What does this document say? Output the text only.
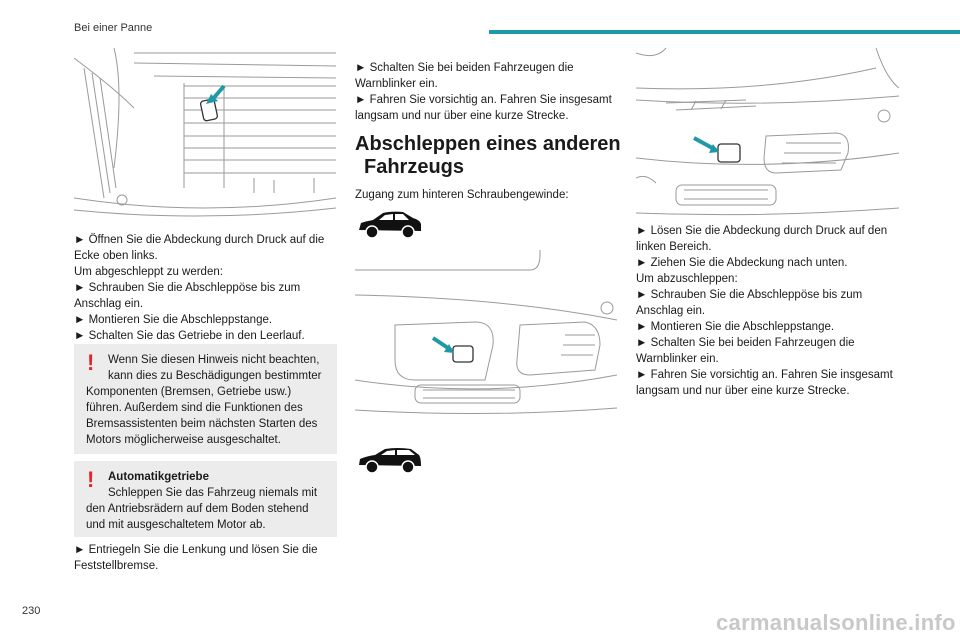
Bei einer Panne

► Öffnen Sie die Abdeckung durch Druck auf die Ecke oben links.

Um abgeschleppt zu werden:

► Schrauben Sie die Abschleppöse bis zum Anschlag ein.

► Montieren Sie die Abschleppstange.

► Schalten Sie das Getriebe in den Leerlauf.

!	Wenn Sie diesen Hinweis nicht beachten,
kann dies zu Beschädigungen bestimmter
Komponenten (Bremsen, Getriebe usw.) führen. Außerdem sind die Funktionen des Bremsassistenten beim nächsten Starten des Motors möglicherweise ausgeschaltet.
!	Automatikgetriebe
Schleppen Sie das Fahrzeug niemals mit
den Antriebsrädern auf dem Boden stehend und mit ausgeschaltetem Motor ab.

► Entriegeln Sie die Lenkung und lösen Sie die Feststellbremse.

► Schalten Sie bei beiden Fahrzeugen die Warnblinker ein.

► Fahren Sie vorsichtig an. Fahren Sie insgesamt langsam und nur über eine kurze Strecke.

Abschleppen eines anderen
Fahrzeugs

Zugang zum hinteren Schraubengewinde:

► Lösen Sie die Abdeckung durch Druck auf den linken Bereich.

► Ziehen Sie die Abdeckung nach unten.

Um abzuschleppen:

► Schrauben Sie die Abschleppöse bis zum Anschlag ein.

► Montieren Sie die Abschleppstange.

► Schalten Sie bei beiden Fahrzeugen die Warnblinker ein.

► Fahren Sie vorsichtig an. Fahren Sie insgesamt langsam und nur über eine kurze Strecke.

230	carmanualsonline.info
